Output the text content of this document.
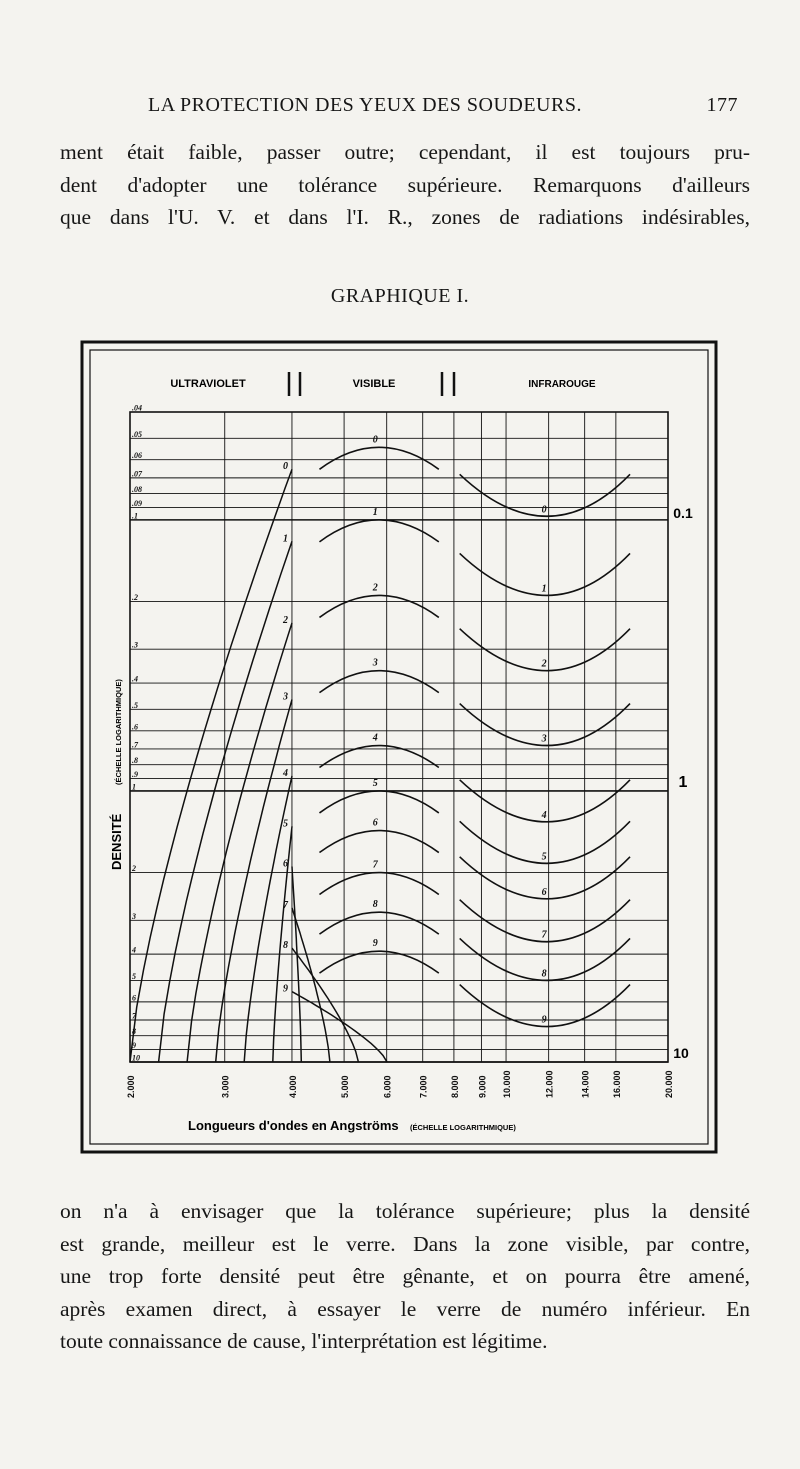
LA PROTECTION DES YEUX DES SOUDEURS.	177
ment était faible, passer outre; cependant, il est toujours pru-
dent d'adopter une tolérance supérieure. Remarquons d'ailleurs
que dans l'U. V. et dans l'I. R., zones de radiations indésirables,
GRAPHIQUE I.
ULTRAVIOLET	VISIBLE	INFRAROUGE
.04
.05
.06
.07
.08
.09
.1
.2
.3
.4
.5
.6
.7
.8
.9
1
2
3
4
5
6
7
8
9
10
2.000	3.000	4.000	5.000	6.000	7.000 8.000 9.000 10.000	12.000	14.000 16.000	20.000
0
0
0
1
1
1
2
2
2
3
3
3
4
4
4
5
5
5
6
6
6
7
7
7
8
8
8
9
9
9
0.1
1
10
DENSITÉ
(ÉCHELLE LOGARITHMIQUE)
Longueurs d'ondes en Angströms (ÉCHELLE LOGARITHMIQUE)
on n'a à envisager que la tolérance supérieure; plus la densité
est grande, meilleur est le verre. Dans la zone visible, par contre,
une trop forte densité peut être gênante, et on pourra être amené,
après examen direct, à essayer le verre de numéro inférieur. En
toute connaissance de cause, l'interprétation est légitime.
